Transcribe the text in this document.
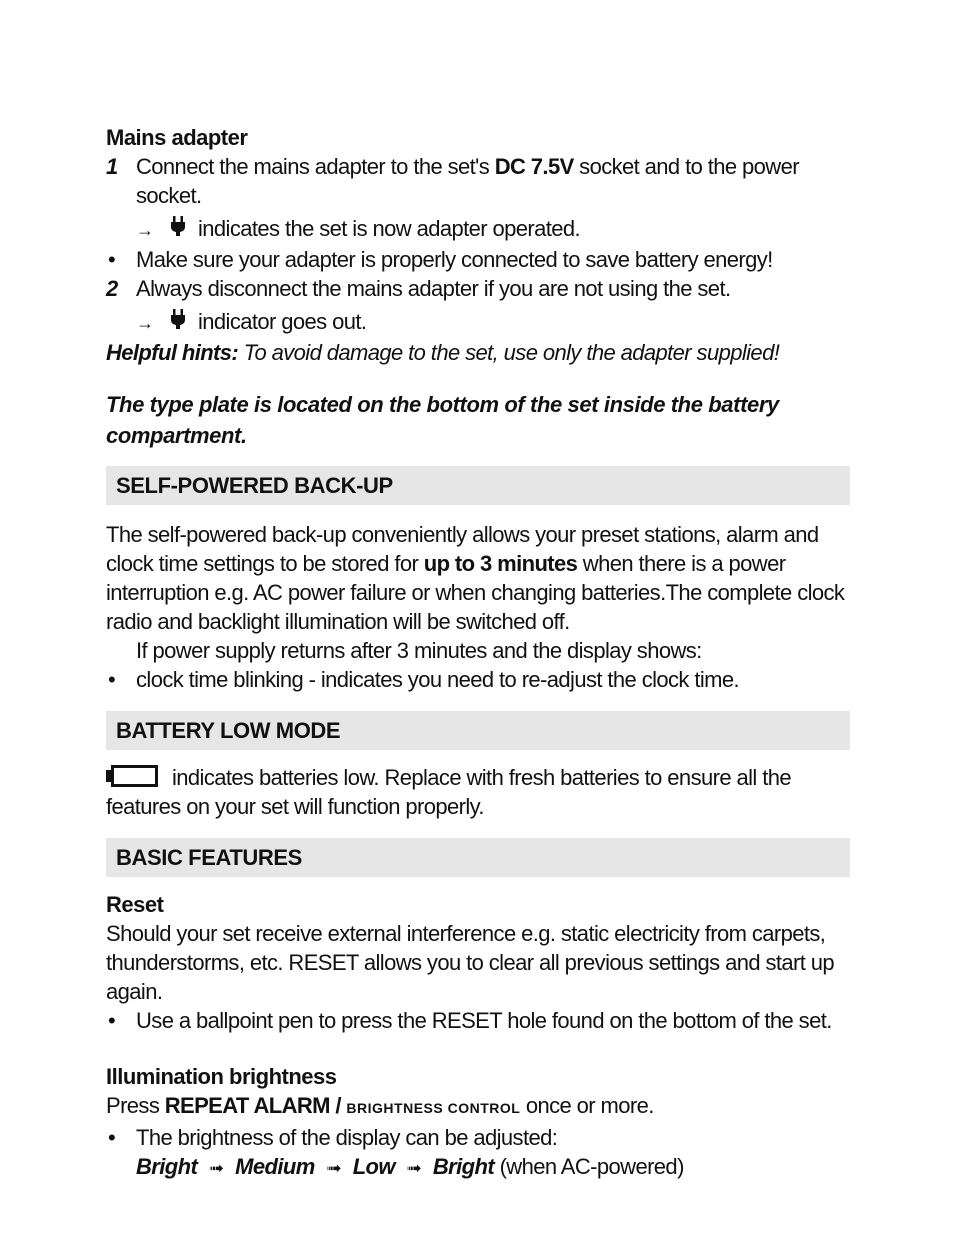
Mains adapter
1 Connect the mains adapter to the set's DC 7.5V socket and to the power socket.
→ indicates the set is now adapter operated.
• Make sure your adapter is properly connected to save battery energy!
2 Always disconnect the mains adapter if you are not using the set.
→ indicator goes out.
Helpful hints: To avoid damage to the set, use only the adapter supplied!
The type plate is located on the bottom of the set inside the battery compartment.
SELF-POWERED BACK-UP
The self-powered back-up conveniently allows your preset stations, alarm and clock time settings to be stored for up to 3 minutes when there is a power interruption e.g. AC power failure or when changing batteries.The complete clock radio and backlight illumination will be switched off.
If power supply returns after 3 minutes and the display shows:
• clock time blinking - indicates you need to re-adjust the clock time.
BATTERY LOW MODE
indicates batteries low. Replace with fresh batteries to ensure all the features on your set will function properly.
BASIC FEATURES
Reset
Should your set receive external interference e.g. static electricity from carpets, thunderstorms, etc. RESET allows you to clear all previous settings and start up again.
• Use a ballpoint pen to press the RESET hole found on the bottom of the set.
Illumination brightness
Press REPEAT ALARM / BRIGHTNESS CONTROL once or more.
• The brightness of the display can be adjusted:
Bright ➟ Medium ➟ Low ➟ Bright (when AC-powered)
